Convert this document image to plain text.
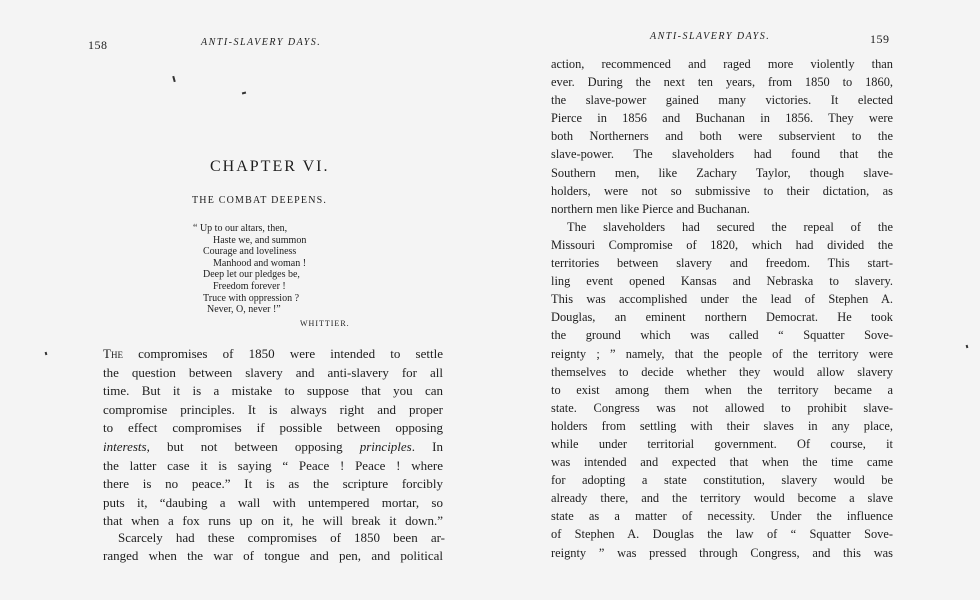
158	ANTI-SLAVERY DAYS.
CHAPTER VI.
THE COMBAT DEEPENS.
“ Up to our altars, then,
Haste we, and summon
Courage and loveliness
Manhood and woman !
Deep let our pledges be,
Freedom forever !
Truce with oppression ?
Never, O, never !”
WHITTIER.
The compromises of 1850 were intended to settle
the question between slavery and anti-slavery for all
time. But it is a mistake to suppose that you can
compromise principles. It is always right and proper
to effect compromises if possible between opposing
interests, but not between opposing principles. In
the latter case it is saying “ Peace ! Peace ! where
there is no peace.” It is as the scripture forcibly
puts it, “daubing a wall with untempered mortar, so
that when a fox runs up on it, he will break it down.”
Scarcely had these compromises of 1850 been ar-
ranged when the war of tongue and pen, and political
ANTI-SLAVERY DAYS.	159
action, recommenced and raged more violently than
ever. During the next ten years, from 1850 to 1860,
the slave-power gained many victories. It elected
Pierce in 1856 and Buchanan in 1856. They were
both Northerners and both were subservient to the
slave-power. The slaveholders had found that the
Southern men, like Zachary Taylor, though slave-
holders, were not so submissive to their dictation, as
northern men like Pierce and Buchanan.
The slaveholders had secured the repeal of the
Missouri Compromise of 1820, which had divided the
territories between slavery and freedom. This start-
ling event opened Kansas and Nebraska to slavery.
This was accomplished under the lead of Stephen A.
Douglas, an eminent northern Democrat. He took
the ground which was called “ Squatter Sove-
reignty ; ” namely, that the people of the territory were
themselves to decide whether they would allow slavery
to exist among them when the territory became a
state. Congress was not allowed to prohibit slave-
holders from settling with their slaves in any place,
while under territorial government. Of course, it
was intended and expected that when the time came
for adopting a state constitution, slavery would be
already there, and the territory would become a slave
state as a matter of necessity. Under the influence
of Stephen A. Douglas the law of “ Squatter Sove-
reignty ” was pressed through Congress, and this was
